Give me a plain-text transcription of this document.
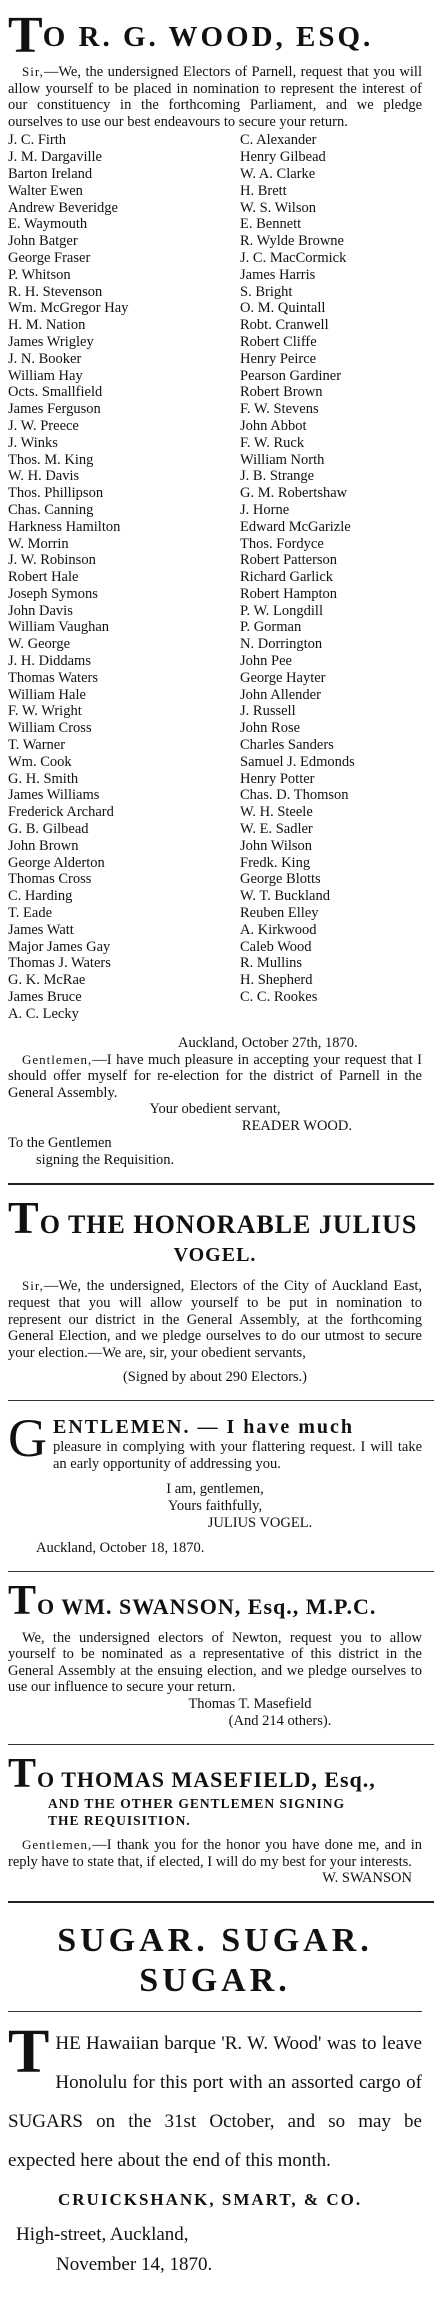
TO R. G. WOOD, ESQ.

Sir,—We, the undersigned Electors of Parnell, request that you will allow yourself to be placed in nomination to represent the interest of our constituency in the forthcoming Parliament, and we pledge ourselves to use our best endeavours to secure your return.

J. C. Firth
J. M. Dargaville
Barton Ireland
Walter Ewen
Andrew Beveridge
E. Waymouth
John Batger
George Fraser
P. Whitson
R. H. Stevenson
Wm. McGregor Hay
H. M. Nation
James Wrigley
J. N. Booker
William Hay
Octs. Smallfield
James Ferguson
J. W. Preece
J. Winks
Thos. M. King
W. H. Davis
Thos. Phillipson
Chas. Canning
Harkness Hamilton
W. Morrin
J. W. Robinson
Robert Hale
Joseph Symons
John Davis
William Vaughan
W. George
J. H. Diddams
Thomas Waters
William Hale
F. W. Wright
William Cross
T. Warner
Wm. Cook
G. H. Smith
James Williams
Frederick Archard
G. B. Gilbead
John Brown
George Alderton
Thomas Cross
C. Harding
T. Eade
James Watt
Major James Gay
Thomas J. Waters
G. K. McRae
James Bruce
A. C. Lecky
C. Alexander
Henry Gilbead
W. A. Clarke
H. Brett
W. S. Wilson
E. Bennett
R. Wylde Browne
J. C. MacCormick
James Harris
S. Bright
O. M. Quintall
Robt. Cranwell
Robert Cliffe
Henry Peirce
Pearson Gardiner
Robert Brown
F. W. Stevens
John Abbot
F. W. Ruck
William North
J. B. Strange
G. M. Robertshaw
J. Horne
Edward McGarizle
Thos. Fordyce
Robert Patterson
Richard Garlick
Robert Hampton
P. W. Longdill
P. Gorman
N. Dorrington
John Pee
George Hayter
John Allender
J. Russell
John Rose
Charles Sanders
Samuel J. Edmonds
Henry Potter
Chas. D. Thomson
W. H. Steele
W. E. Sadler
John Wilson
Fredk. King
George Blotts
W. T. Buckland
Reuben Elley
A. Kirkwood
Caleb Wood
R. Mullins
H. Shepherd
C. C. Rookes
Auckland, October 27th, 1870.

Gentlemen,—I have much pleasure in accepting your request that I should offer myself for re-election for the district of Parnell in the General Assembly.

Your obedient servant,
READER WOOD.
To the Gentlemen
signing the Requisition.
TO THE HONORABLE JULIUS
VOGEL.

Sir,—We, the undersigned, Electors of the City of Auckland East, request that you will allow yourself to be put in nomination to represent our district in the General Assembly, at the forthcoming General Election, and we pledge ourselves to do our utmost to secure your election.—We are, sir, your obedient servants,

(Signed by about 290 Electors.)
G ENTLEMEN. — I have much
pleasure in complying with your flattering request. I will take an early opportunity of addressing you.
I am, gentlemen,
Yours faithfully,
JULIUS VOGEL.
Auckland, October 18, 1870.
TO WM. SWANSON, Esq., M.P.C.

We, the undersigned electors of Newton, request you to allow yourself to be nominated as a representative of this district in the General Assembly at the ensuing election, and we pledge ourselves to use our influence to secure your return.

Thomas T. Masefield
(And 214 others).
TO THOMAS MASEFIELD, Esq.,
AND THE OTHER GENTLEMEN SIGNING
THE REQUISITION.

Gentlemen,—I thank you for the honor you have done me, and in reply have to state that, if elected, I will do my best for your interests.

W. SWANSON
SUGAR. SUGAR. SUGAR.
THE Hawaiian barque 'R. W. Wood' was to leave Honolulu for this port with an assorted cargo of SUGARS on the 31st October, and so may be expected here about the end of this month.
CRUICKSHANK, SMART, & CO.
High-street, Auckland,
November 14, 1870.
